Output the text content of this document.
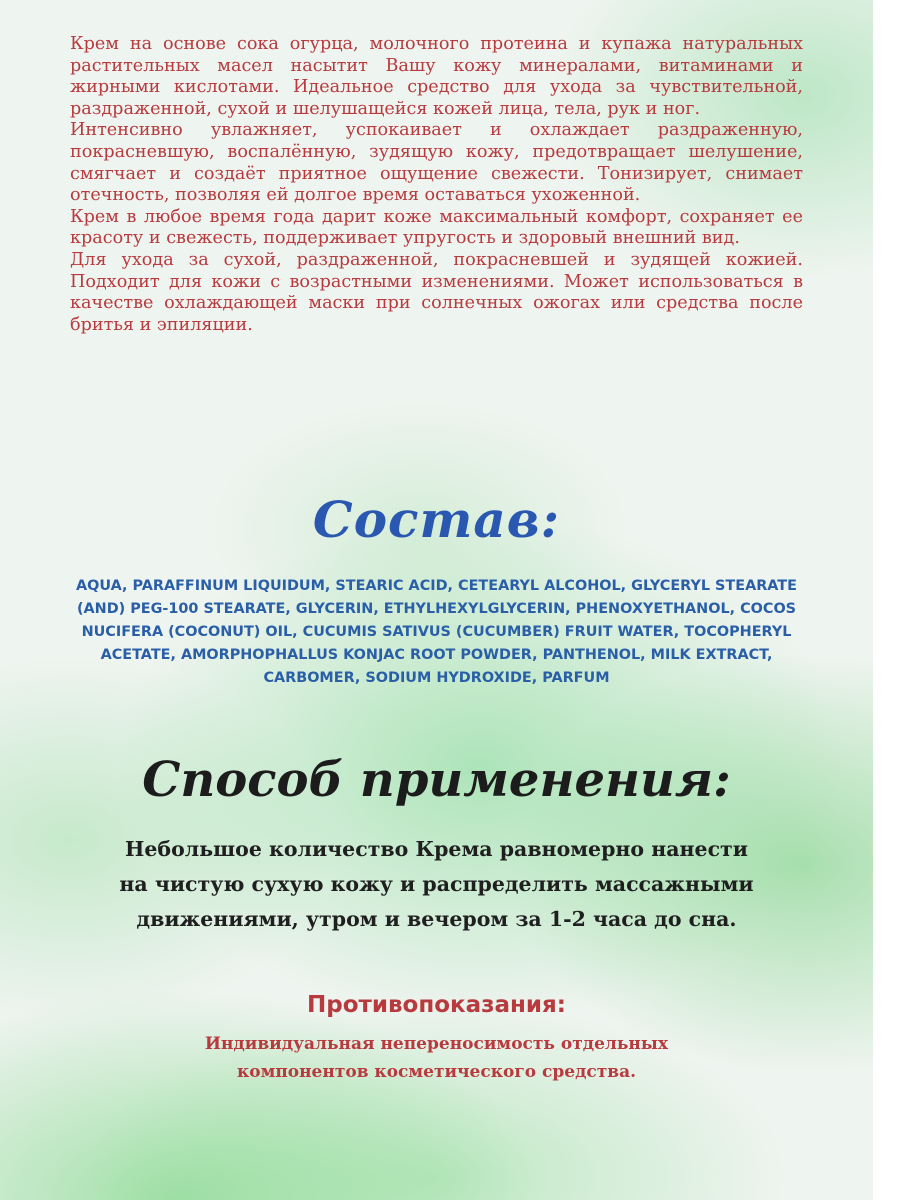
Крем на основе сока огурца, молочного протеина и купажа натуральных растительных масел насытит Вашу кожу минералами, витаминами и жирными кислотами. Идеальное средство для ухода за чувствительной, раздраженной, сухой и шелушащейся кожей лица, тела, рук и ног.

Интенсивно увлажняет, успокаивает и охлаждает раздраженную, покрасневшую, воспалённую, зудящую кожу, предотвращает шелушение, смягчает и создаёт приятное ощущение свежести. Тонизирует, снимает отечность, позволяя ей долгое время оставаться ухоженной.

Крем в любое время года дарит коже максимальный комфорт, сохраняет ее красоту и свежесть, поддерживает упругость и здоровый внешний вид.

Для ухода за сухой, раздраженной, покрасневшей и зудящей кожией. Подходит для кожи с возрастными изменениями. Может использоваться в качестве охлаждающей маски при солнечных ожогах или средства после бритья и эпиляции.

Состав:

AQUA, PARAFFINUM LIQUIDUM, STEARIC ACID, CETEARYL ALCOHOL, GLYCERYL STEARATE (AND) PEG-100 STEARATE, GLYCERIN, ETHYLHEXYLGLYCERIN, PHENOXYETHANOL, COCOS NUCIFERA (COCONUT) OIL, CUCUMIS SATIVUS (CUCUMBER) FRUIT WATER, TOCOPHERYL ACETATE, AMORPHOPHALLUS KONJAC ROOT POWDER, PANTHENOL, MILK EXTRACT, CARBOMER, SODIUM HYDROXIDE, PARFUM

Способ применения:

Небольшое количество Крема равномерно нанести на чистую сухую кожу и распределить массажными движениями, утром и вечером за 1-2 часа до сна.

Противопоказания:

Индивидуальная непереносимость отдельных компонентов косметического средства.
